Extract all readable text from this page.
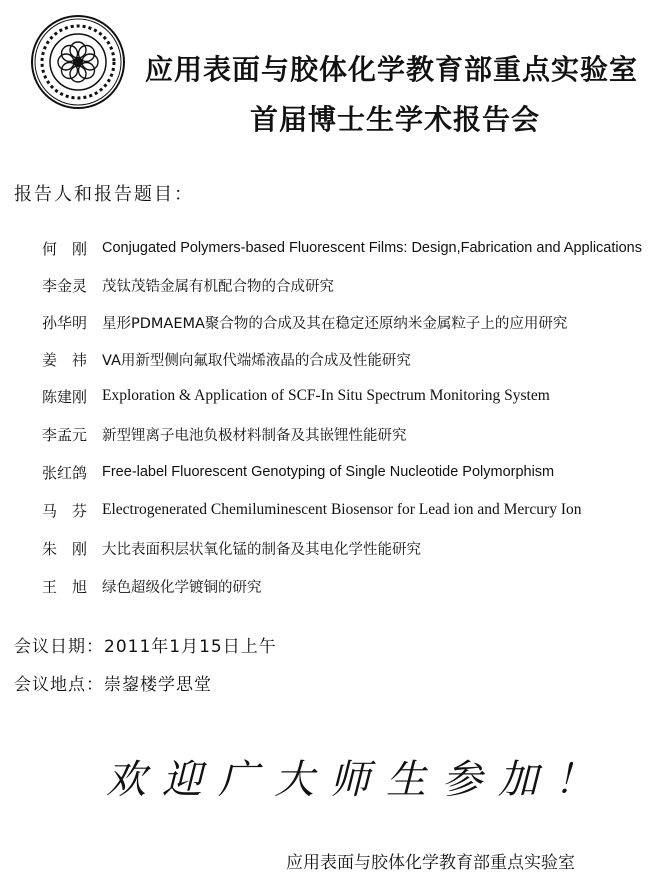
应用表面与胶体化学教育部重点实验室
首届博士生学术报告会
报告人和报告题目：
何　刚	Conjugated Polymers-based Fluorescent Films: Design,Fabrication and Applications
李金灵	茂钛茂锆金属有机配合物的合成研究
孙华明	星形PDMAEMA聚合物的合成及其在稳定还原纳米金属粒子上的应用研究
姜　祎	VA用新型侧向氟取代端烯液晶的合成及性能研究
陈建刚 Exploration & Application of SCF-In Situ Spectrum Monitoring System
李孟元	新型锂离子电池负极材料制备及其嵌锂性能研究
张红鸽	Free-label Fluorescent Genotyping of Single Nucleotide Polymorphism
马　芬 Electrogenerated Chemiluminescent Biosensor for Lead ion and Mercury Ion
朱　刚	大比表面积层状氧化锰的制备及其电化学性能研究
王　旭	绿色超级化学镀铜的研究
会议日期：2011年1月15日上午
会议地点：崇鋆楼学思堂
欢迎广大师生参加！
应用表面与胶体化学教育部重点实验室
